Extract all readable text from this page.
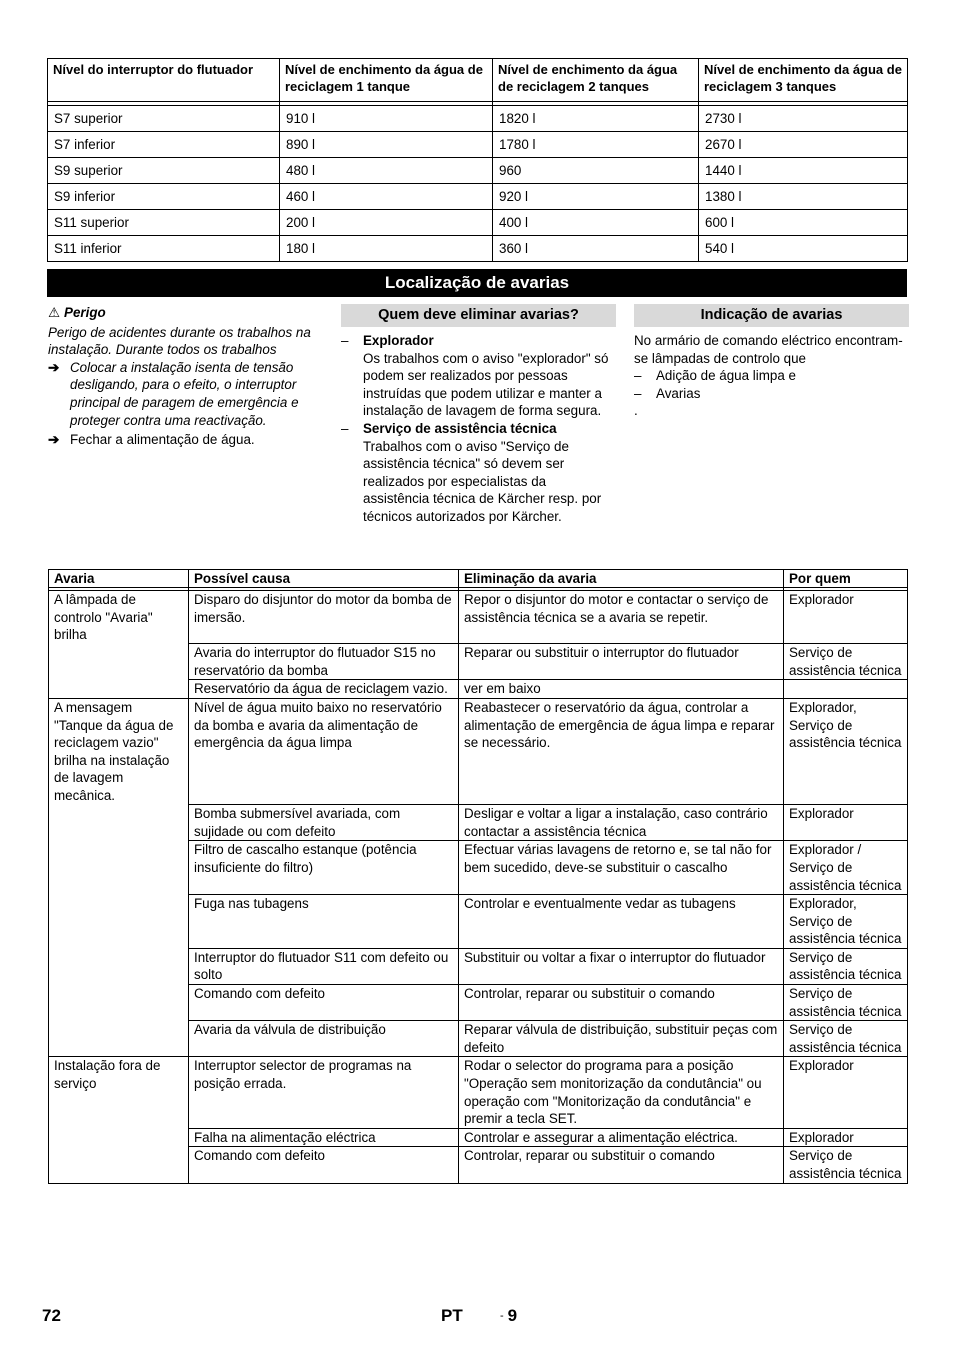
Nível do interruptor do flutuador	Nível de enchimento da água de reciclagem 1 tanque	Nível de enchimento da água de reciclagem 2 tanques	Nível de enchimento da água de reciclagem 3 tanques

S7 superior	910 l	1820 l	2730 l
S7 inferior	890 l	1780 l	2670 l
S9 superior	480 l	960	1440 l
S9 inferior	460 l	920 l	1380 l
S11 superior	200 l	400 l	600 l
S11 inferior	180 l	360 l	540 l
Localização de avarias
⚠ Perigo
Perigo de acidentes durante os trabalhos na instalação. Durante todos os trabalhos
➔ Colocar a instalação isenta de tensão desligando, para o efeito, o interruptor principal de paragem de emergência e proteger contra uma reactivação.
➔ Fechar a alimentação de água.
Quem deve eliminar avarias?
–	Explorador
Os trabalhos com o aviso "explorador" só podem ser realizados por pessoas instruídas que podem utilizar e manter a instalação de lavagem de forma segura.
–	Serviço de assistência técnica
Trabalhos com o aviso "Serviço de assistência técnica" só devem ser realizados por especialistas da assistência técnica de Kärcher resp. por técnicos autorizados por Kärcher.
Indicação de avarias
No armário de comando eléctrico encontram-se lâmpadas de controlo que
–	Adição de água limpa e
–	Avarias
.
Avaria	Possível causa	Eliminação da avaria	Por quem

A lâmpada de controlo "Avaria" brilha	Disparo do disjuntor do motor da bomba de imersão.	Repor o disjuntor do motor e contactar o serviço de assistência técnica se a avaria se repetir.	Explorador
	Avaria do interruptor do flutuador S15 no reservatório da bomba	Reparar ou substituir o interruptor do flutuador	Serviço de assistência técnica
	Reservatório da água de reciclagem vazio.	ver em baixo	
A mensagem "Tanque da água de reciclagem vazio" brilha na instalação de lavagem mecânica.	Nível de água muito baixo no reservatório da bomba e avaria da alimentação de emergência da água limpa	Reabastecer o reservatório da água, controlar a alimentação de emergência de água limpa e reparar se necessário.	Explorador, Serviço de assistência técnica
	Bomba submersível avariada, com sujidade ou com defeito	Desligar e voltar a ligar a instalação, caso contrário contactar a assistência técnica	Explorador
	Filtro de cascalho estanque (potência insuficiente do filtro)	Efectuar várias lavagens de retorno e, se tal não for bem sucedido, deve-se substituir o cascalho	Explorador / Serviço de assistência técnica
	Fuga nas tubagens	Controlar e eventualmente vedar as tubagens	Explorador, Serviço de assistência técnica
	Interruptor do flutuador S11 com defeito ou solto	Substituir ou voltar a fixar o interruptor do flutuador	Serviço de assistência técnica
	Comando com defeito	Controlar, reparar ou substituir o comando	Serviço de assistência técnica
	Avaria da válvula de distribuição	Reparar válvula de distribuição, substituir peças com defeito	Serviço de assistência técnica
Instalação fora de serviço	Interruptor selector de programas na posição errada.	Rodar o selector do programa para a posição "Operação sem monitorização da condutância" ou operação com "Monitorização da condutância" e premir a tecla SET.	Explorador
	Falha na alimentação eléctrica	Controlar e assegurar a alimentação eléctrica.	Explorador
	Comando com defeito	Controlar, reparar ou substituir o comando	Serviço de assistência técnica
72	PT	- 9
